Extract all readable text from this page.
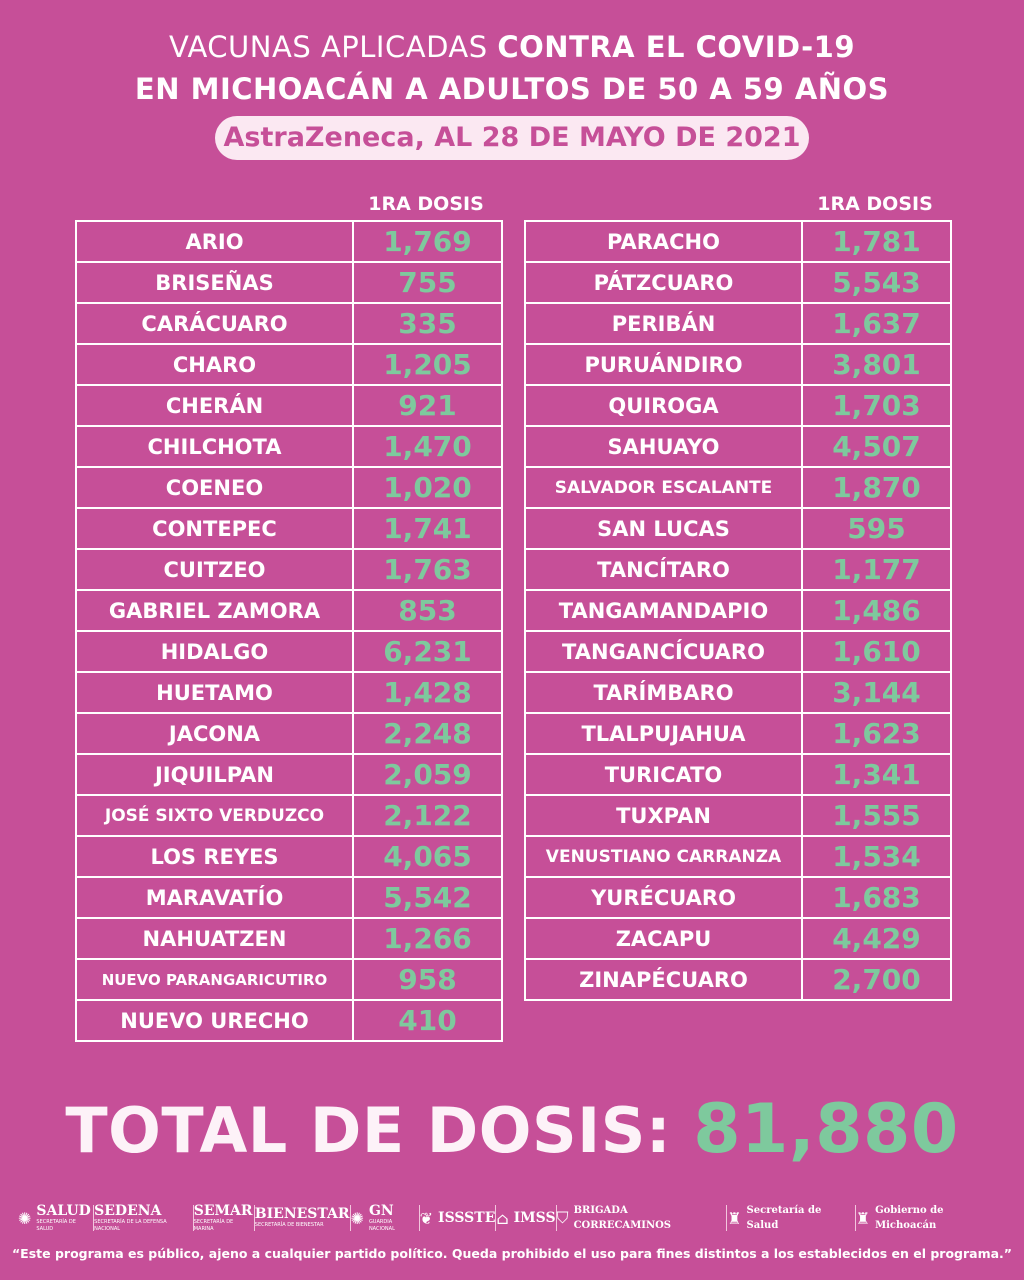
VACUNAS APLICADAS CONTRA EL COVID-19
EN MICHOACÁN A ADULTOS DE 50 A 59 AÑOS
AstraZeneca, AL 28 DE MAYO DE 2021
1RA DOSIS	1RA DOSIS
ARIO	1,769
BRISEÑAS	755
CARÁCUARO	335
CHARO	1,205
CHERÁN	921
CHILCHOTA	1,470
COENEO	1,020
CONTEPEC	1,741
CUITZEO	1,763
GABRIEL ZAMORA	853
HIDALGO	6,231
HUETAMO	1,428
JACONA	2,248
JIQUILPAN	2,059
JOSÉ SIXTO VERDUZCO	2,122
LOS REYES	4,065
MARAVATÍO	5,542
NAHUATZEN	1,266
NUEVO PARANGARICUTIRO	958
NUEVO URECHO	410
PARACHO	1,781
PÁTZCUARO	5,543
PERIBÁN	1,637
PURUÁNDIRO	3,801
QUIROGA	1,703
SAHUAYO	4,507
SALVADOR ESCALANTE	1,870
SAN LUCAS	595
TANCÍTARO	1,177
TANGAMANDAPIO	1,486
TANGANCÍCUARO	1,610
TARÍMBARO	3,144
TLALPUJAHUA	1,623
TURICATO	1,341
TUXPAN	1,555
VENUSTIANO CARRANZA	1,534
YURÉCUARO	1,683
ZACAPU	4,429
ZINAPÉCUARO	2,700
TOTAL DE DOSIS: 81,880
✺ SALUD
SECRETARÍA DE SALUD
SEDENA
SECRETARÍA DE LA DEFENSA NACIONAL
SEMAR
SECRETARÍA DE MARINA
BIENESTAR
SECRETARÍA DE BIENESTAR	✺ GN
GUARDIA NACIONAL
❦ ISSSTE ⌂ IMSS ⛉ BRIGADA CORRECAMINOS	♜ Secretaría de Salud	♜ Gobierno de Michoacán
“Este programa es público, ajeno a cualquier partido político. Queda prohibido el uso para fines distintos a los establecidos en el programa.”
